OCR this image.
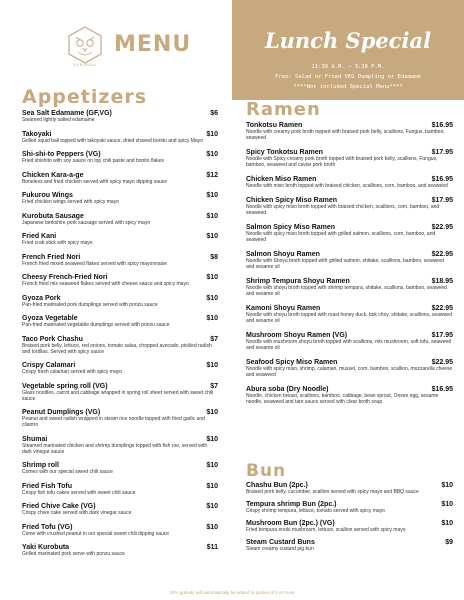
FUKUROU
MENU
Appetizers
Sea Salt Edamame (GF,VG)	$6
Steamed lightly salted edamame
Takoyaki	$10
Grilled squid ball topped with takoyaki sauce, dried shaved bonito and spicy Mayo
Shi-shi-to Peppers (VG)	$10
Fried shishito with soy sauce on top chili paste and bonito flakes
Chicken Kara-a-ge	$12
Boneless and fried chicken served with spicy mayo dipping sauce
Fukurou Wings	$10
Fried chicken wings served with spicy mayo
Kurobuta Sausage	$10
Japanese berkshire pork sausage served with spicy mayo
Fried Kani	$10
Fried crab stick with spicy mayo
French Fried Nori	$8
French fried mixed seaweed flakes served with spicy mayonnaise
Cheesy French-Fried Nori	$10
French fried mix seaweed flakes served with cheese sauce and spicy mayo
Gyoza Pork	$10
Pan-fried marinated pork dumplings served with ponzu sauce
Gyoza Vegetable	$10
Pan-fried marinated vegetable dumplings served with ponzu sauce
Taco Pork Chashu	$7
Braised pork belly, lettuce, red onions, tomato salsa, chopped avocado, pickled radish and tortillas. Served with spicy sauce
Crispy Calamari	$10
Crispy fresh calamari served with spicy mayo
Vegetable spring roll (VG)	$7
Glass noodles, carrot and cabbage wrapped in spring roll sheet served with sweet chili sauce
Peanut Dumplings (VG)	$10
Peanut and sweet radish wrapped in steam rice noodle topped with fried garlic and cilantro
Shumai	$10
Steamed marinated chicken and shrimp dumplings topped with fish roe, served with dark vinegar sauce
Shrimp roll	$10
Comes with our special sweet chili sauce
Fried Fish Tofu	$10
Crispy fish tofu cakes served with sweet chili sauce
Fried Chive Cake (VG)	$10
Crispy chive cake served with dark vinegar sauce
Fried Tofu (VG)	$10
Come with crushed peanut in our special sweet chili dipping sauce
Yaki Kurobuta	$11
Grilled marinated pork serve with ponzu sauce
Lunch Special
11:30 A.M. – 3:30 P.M.
Free: Salad or Fried VEG Dumpling or Edamame
****Not included Special Menu****
Ramen
Tonkotsu Ramen	$16.95
Noodle with creamy pork broth topped with braised pork belly, scallions, Fungus, bamboo, seaweed
Spicy Tonkotsu Ramen	$17.95
Noodle with Spicy creamy pork broth topped with braised pork belly, scallions, Fungus, bamboo, seaweed and caviar pork broth
Chicken Miso Ramen	$16.95
Noodle with miso broth topped with braised chicken, scallions, corn, bamboo, and seaweed
Chicken Spicy Miso Ramen	$17.95
Noodle with spicy miso broth topped with braised chicken, scallions, corn, bamboo, and seaweed
Salmon Spicy Miso Ramen	$22.95
Noodle with spicy miso broth topped with grilled salmon, scallions, corn, bamboo, and seaweed
Salmon Shoyu Ramen	$22.95
Noodle with Shoyu broth topped with grilled salmon, shitake, scallions, bamboo, seaweed and sesame oil
Shrimp Tempura Shoyu Ramen	$18.95
Noodle with shoyu broth topped with shrimp tempura, shitake, scallions, bamboo, seaweed and sesame oil
Kamoni Shoyu Ramen	$22.95
Noodle with shoyu broth topped with roast honey duck, bok choy, shitake, scallions, seaweed and sesame oil
Mushroom Shoyu Ramen (VG)	$17.95
Noodle with mushroom shoyu broth topped with scallions, mix mushroom, soft tofu, seaweed and sesame oil
Seafood Spicy Miso Ramen	$22.95
Noodle with spicy miso, shrimp, calamari, mussel, corn, bamboo, scallion, mozzarella cheese and seaweed
Abura soba (Dry Noodle)	$16.95
Noodle, chicken breast, scallions, bamboo, cabbage, bean sprout, Onsen egg, sesame noodle, seaweed and tare sauce served with clear broth soup
Bun
Chashu Bun (2pc.)	$10
Braised pork belly, cucumber, scallion served with spicy mayo and BBQ sauce
Tempura shrimp Bun (2pc.)	$10
Crispy shrimp tempura, lettuce, tomato served with spicy mayo
Mushroom Bun (2pc.) (VG)	$10
Fried tempura enoki mushroom, lettuce, scallion served with spicy mayo
Steam Custard Buns	$9
Steam creamy custard pig bun
20% gratuity will automatically be added to parties of 5 or more
